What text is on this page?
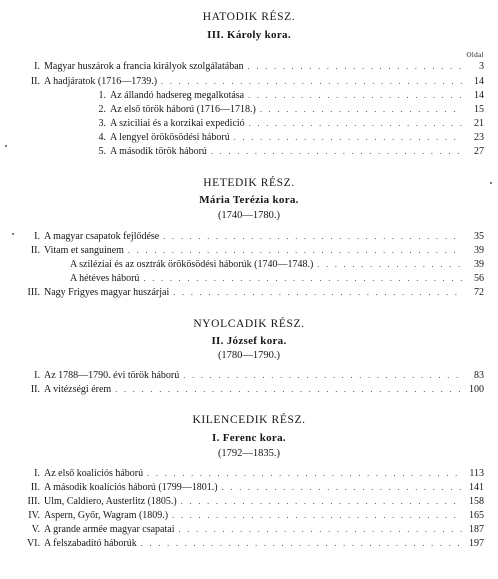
HATODIK RÉSZ.
III. Károly kora.
Oldal
I. Magyar huszárok a francia királyok szolgálatában . . .	3
II. A hadjáratok (1716—1739.) . . .	14
1. Az állandó hadsereg megalkotása . . .	14
2. Az első török háború (1716—1718.) . . .	15
3. A sziciliai és a korzikai expedició . . .	21
4. A lengyel örökösödési háború . . .	23
5. A második török háború . . .	27
HETEDIK RÉSZ.
Mária Terézia kora.
(1740—1780.)
I. A magyar csapatok fejlődése . . .	35
II. Vitam et sanguinem . . .	39
A sziléziai és az osztrák örökösödési háborúk (1740—1748.) . . .	39
A hétéves háború . . .	56
III. Nagy Frigyes magyar huszárjai . . .	72
NYOLCADIK RÉSZ.
II. József kora.
(1780—1790.)
I. Az 1788—1790. évi török háború . . .	83
II. A vitézségi érem . . .	100
KILENCEDIK RÉSZ.
I. Ferenc kora.
(1792—1835.)
I. Az első koalíciós háború . . .	113
II. A második koalíciós háború (1799—1801.) . . .	141
III. Ulm, Caldiero, Austerlitz (1805.) . . .	158
IV. Aspern, Győr, Wagram (1809.) . . .	165
V. A grande armée magyar csapatai . . .	187
VI. A felszabadító háborúk . . .	197
